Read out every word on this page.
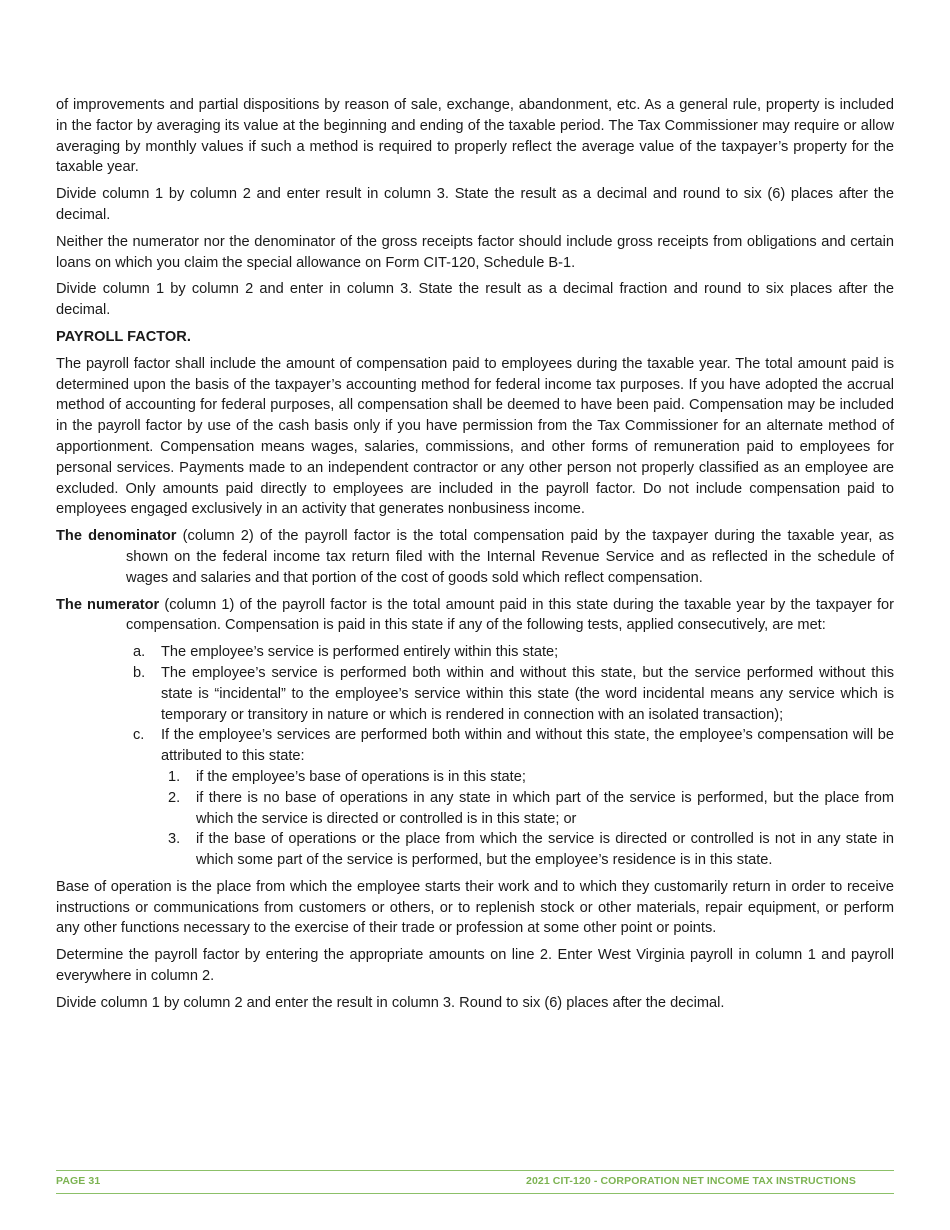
of improvements and partial dispositions by reason of sale, exchange, abandonment, etc. As a general rule, property is included in the factor by averaging its value at the beginning and ending of the taxable period. The Tax Commissioner may require or allow averaging by monthly values if such a method is required to properly reflect the average value of the taxpayer’s property for the taxable year.

Divide column 1 by column 2 and enter result in column 3. State the result as a decimal and round to six (6) places after the decimal.

Neither the numerator nor the denominator of the gross receipts factor should include gross receipts from obligations and certain loans on which you claim the special allowance on Form CIT-120, Schedule B-1.

Divide column 1 by column 2 and enter in column 3. State the result as a decimal fraction and round to six places after the decimal.

PAYROLL FACTOR.

The payroll factor shall include the amount of compensation paid to employees during the taxable year. The total amount paid is determined upon the basis of the taxpayer’s accounting method for federal income tax purposes. If you have adopted the accrual method of accounting for federal purposes, all compensation shall be deemed to have been paid. Compensation may be included in the payroll factor by use of the cash basis only if you have permission from the Tax Commissioner for an alternate method of apportionment. Compensation means wages, salaries, commissions, and other forms of remuneration paid to employees for personal services. Payments made to an independent contractor or any other person not properly classified as an employee are excluded. Only amounts paid directly to employees are included in the payroll factor. Do not include compensation paid to employees engaged exclusively in an activity that generates nonbusiness income.

The denominator (column 2) of the payroll factor is the total compensation paid by the taxpayer during the taxable year, as shown on the federal income tax return filed with the Internal Revenue Service and as reflected in the schedule of wages and salaries and that portion of the cost of goods sold which reflect compensation.

The numerator (column 1) of the payroll factor is the total amount paid in this state during the taxable year by the taxpayer for compensation. Compensation is paid in this state if any of the following tests, applied consecutively, are met:

a. The employee’s service is performed entirely within this state;
b. The employee’s service is performed both within and without this state, but the service performed without this state is “incidental” to the employee’s service within this state (the word incidental means any service which is temporary or transitory in nature or which is rendered in connection with an isolated transaction);
c. If the employee’s services are performed both within and without this state, the employee’s compensation will be attributed to this state:
1. if the employee’s base of operations is in this state;
2. if there is no base of operations in any state in which part of the service is performed, but the place from which the service is directed or controlled is in this state; or
3. if the base of operations or the place from which the service is directed or controlled is not in any state in which some part of the service is performed, but the employee’s residence is in this state.

Base of operation is the place from which the employee starts their work and to which they customarily return in order to receive instructions or communications from customers or others, or to replenish stock or other materials, repair equipment, or perform any other functions necessary to the exercise of their trade or profession at some other point or points.

Determine the payroll factor by entering the appropriate amounts on line 2. Enter West Virginia payroll in column 1 and payroll everywhere in column 2.

Divide column 1 by column 2 and enter the result in column 3. Round to six (6) places after the decimal.

PAGE 31	2021 CIT-120 - CORPORATION NET INCOME TAX INSTRUCTIONS
